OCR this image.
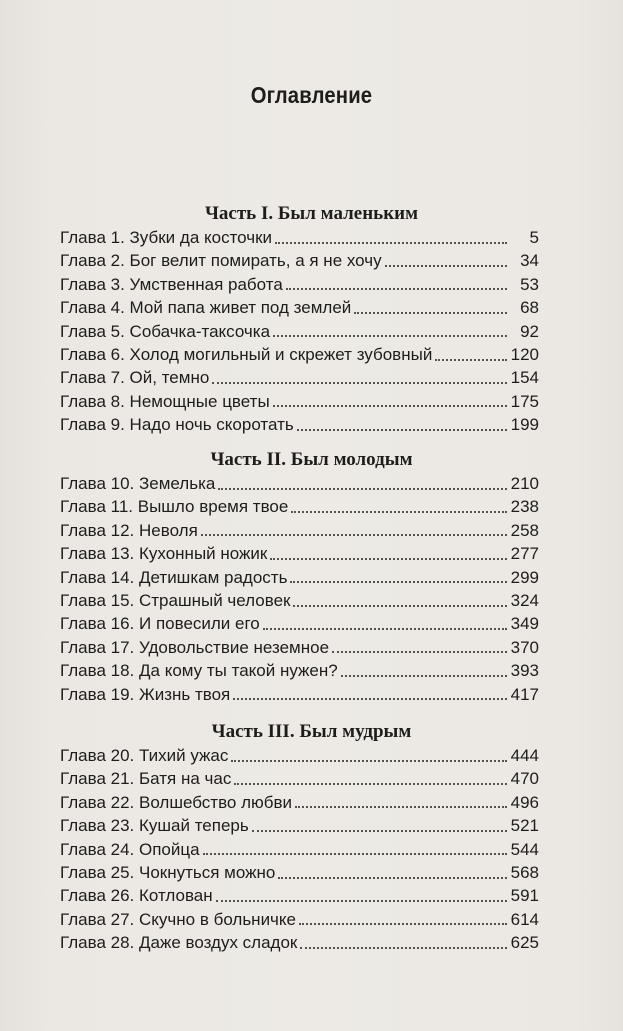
Оглавление
Часть I. Был маленьким
Глава 1. Зубки да косточки	5
Глава 2. Бог велит помирать, а я не хочу	34
Глава 3. Умственная работа	53
Глава 4. Мой папа живет под землей	68
Глава 5. Собачка-таксочка	92
Глава 6. Холод могильный и скрежет зубовный	120
Глава 7. Ой, темно	154
Глава 8. Немощные цветы	175
Глава 9. Надо ночь скоротать	199
Часть II. Был молодым
Глава 10. Земелька	210
Глава 11. Вышло время твое	238
Глава 12. Неволя	258
Глава 13. Кухонный ножик	277
Глава 14. Детишкам радость	299
Глава 15. Страшный человек	324
Глава 16. И повесили его	349
Глава 17. Удовольствие неземное	370
Глава 18. Да кому ты такой нужен?	393
Глава 19. Жизнь твоя	417
Часть III. Был мудрым
Глава 20. Тихий ужас	444
Глава 21. Батя на час	470
Глава 22. Волшебство любви	496
Глава 23. Кушай теперь	521
Глава 24. Опойца	544
Глава 25. Чокнуться можно	568
Глава 26. Котлован	591
Глава 27. Скучно в больничке	614
Глава 28. Даже воздух сладок	625
